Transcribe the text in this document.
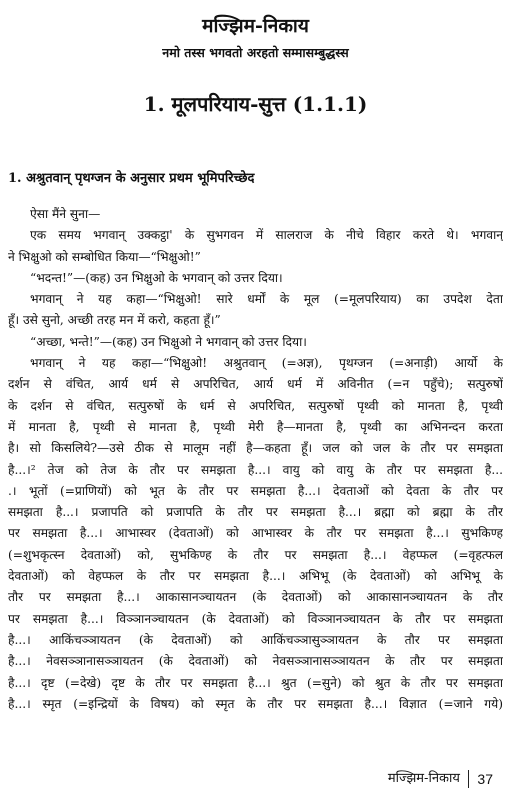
मज्झिम-निकाय
नमो तस्स भगवतो अरहतो सम्मासम्बुद्धस्स
1. मूलपरियाय-सुत्त (1.1.1)
1. अश्रुतवान् पृथग्जन के अनुसार प्रथम भूमिपरिच्छेद
ऐसा मैंने सुना—
एक समय भगवान् उक्कट्ठा' के सुभगवन में सालराज के नीचे विहार करते थे। भगवान्
ने भिक्षुओ को सम्बोधित किया—“भिक्षुओ!”
“भदन्त!”—(कह) उन भिक्षुओ के भगवान् को उत्तर दिया।
भगवान् ने यह कहा—“भिक्षुओ! सारे धर्मों के मूल (=मूलपरियाय) का उपदेश देता
हूँ। उसे सुनो, अच्छी तरह मन में करो, कहता हूँ।”
“अच्छा, भन्ते!”—(कह) उन भिक्षुओ ने भगवान् को उत्तर दिया।
भगवान् ने यह कहा—“भिक्षुओ! अश्रुतवान् (=अज्ञ), पृथग्जन (=अनाड़ी) आर्यो के
दर्शन से वंचित, आर्य धर्म से अपरिचित, आर्य धर्म में अविनीत (=न पहुँचे); सत्पुरुषों
के दर्शन से वंचित, सत्पुरुषों के धर्म से अपरिचित, सत्पुरुषों पृथ्वी को मानता है, पृथ्वी
में मानता है, पृथ्वी से मानता है, पृथ्वी मेरी है—मानता है, पृथ्वी का अभिनन्दन करता
है। सो किसलिये?—उसे ठीक से मालूम नहीं है—कहता हूँ। जल को जल के तौर पर समझता
है...।² तेज को तेज के तौर पर समझता है...। वायु को वायु के तौर पर समझता है...
.। भूतों (=प्राणियों) को भूत के तौर पर समझता है...। देवताओं को देवता के तौर पर
समझता है...। प्रजापति को प्रजापति के तौर पर समझता है...। ब्रह्मा को ब्रह्मा के तौर
पर समझता है...। आभास्वर (देवताओं) को आभास्वर के तौर पर समझता है...। सुभकिण्ह
(=शुभकृत्स्न देवताओं) को, सुभकिण्ह के तौर पर समझता है...। वेहप्फल (=वृहत्फल
देवताओं) को वेहप्फल के तौर पर समझता है...। अभिभू (के देवताओं) को अभिभू के
तौर पर समझता है...। आकासानञ्चायतन (के देवताओं) को आकासानञ्चायतन के तौर
पर समझता है...। विञ्ञानञ्चायतन (के देवताओं) को विञ्ञानञ्चायतन के तौर पर समझता
है...। आकिंचञ्ञायतन (के देवताओं) को आकिंचञ्ञासुञ्ञायतन के तौर पर समझता
है...। नेवसञ्ञानासञ्ञायतन (के देवताओं) को नेवसञ्ञानासञ्ञायतन के तौर पर समझता
है...। दृष्ट (=देखे) दृष्ट के तौर पर समझता है...। श्रुत (=सुने) को श्रुत के तौर पर समझता
है...। स्मृत (=इन्द्रियों के विषय) को स्मृत के तौर पर समझता है...। विज्ञात (=जाने गये)
मज्झिम-निकाय 37
